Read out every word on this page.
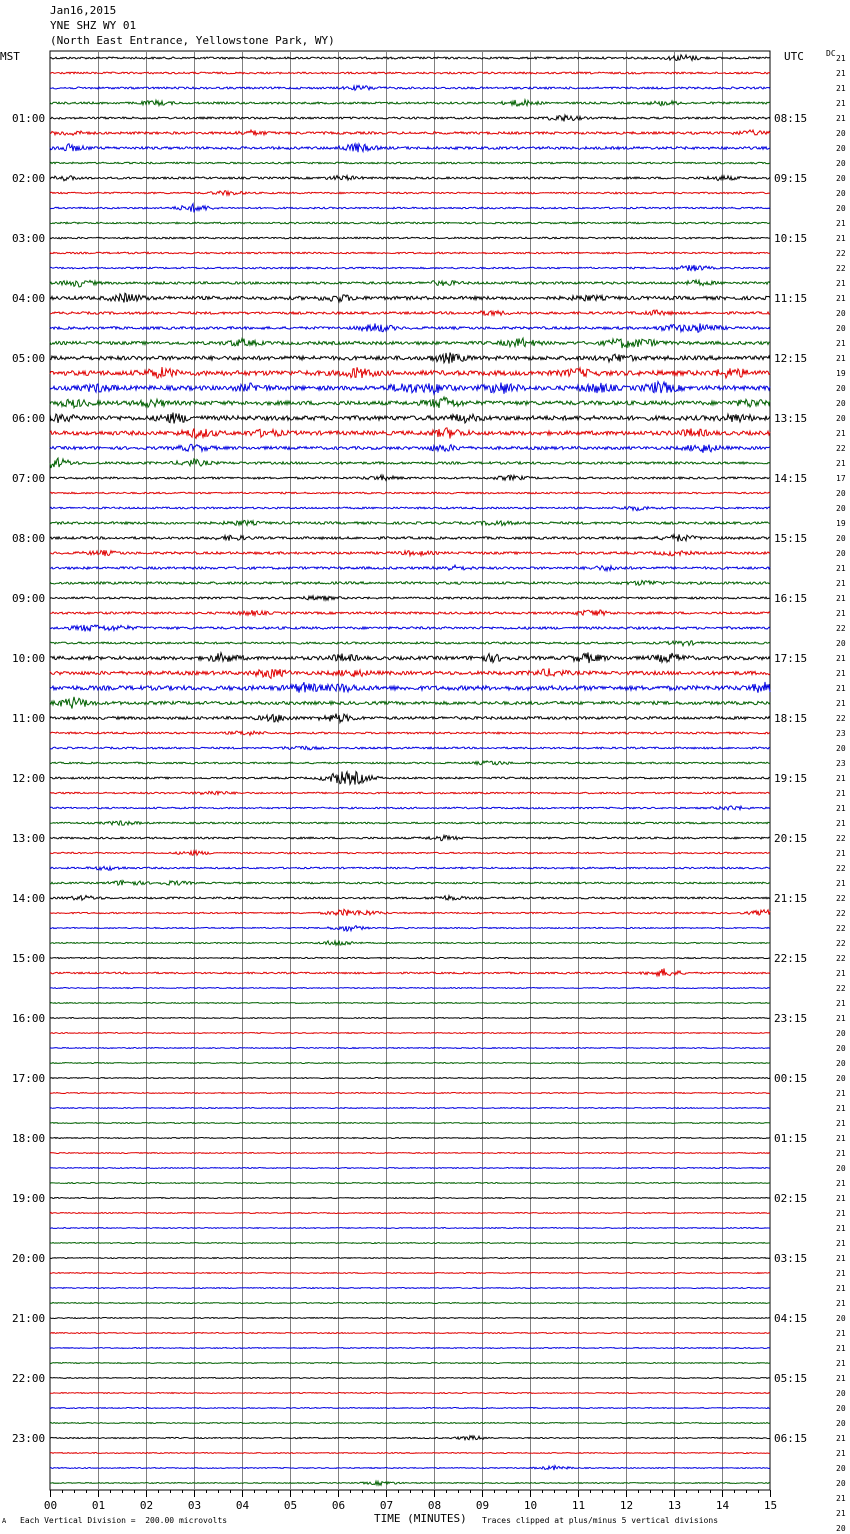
Jan16,2015
YNE SHZ WY 01
(North East Entrance, Yellowstone Park, WY)
MST	UTC	DC
01:00
02:00
03:00
04:00
05:00
06:00
07:00
08:00
09:00
10:00
11:00
12:00
13:00
14:00
15:00
16:00
17:00
18:00
19:00
20:00
21:00
22:00
23:00
08:15
09:15
10:15
11:15
12:15
13:15
14:15
15:15
16:15
17:15
18:15
19:15
20:15
21:15
22:15
23:15
00:15
01:15
02:15
03:15
04:15
05:15
06:15
21
21
21
21
21
20
20
20
20
20
20
21
21
22
22
21
21
20
20
21
21
19
20
20
20
21
22
21
17
20
20
19
20
20
21
21
21
21
22
20
21
21
21
21
22
23
20
23
21
21
21
21
22
21
22
21
22
22
22
22
22
21
22
21
21
20
20
20
20
21
21
21
21
21
20
21
21
21
21
21
21
21
21
21
20
21
21
21
21
20
20
20
21
21
20
20
21
21
20
00	01	02	03	04	05	06	07	08	09	10	11	12	13	14	15
A Each Vertical Division =  200.00 microvolts	TIME (MINUTES) Traces clipped at plus/minus 5 vertical divisions
